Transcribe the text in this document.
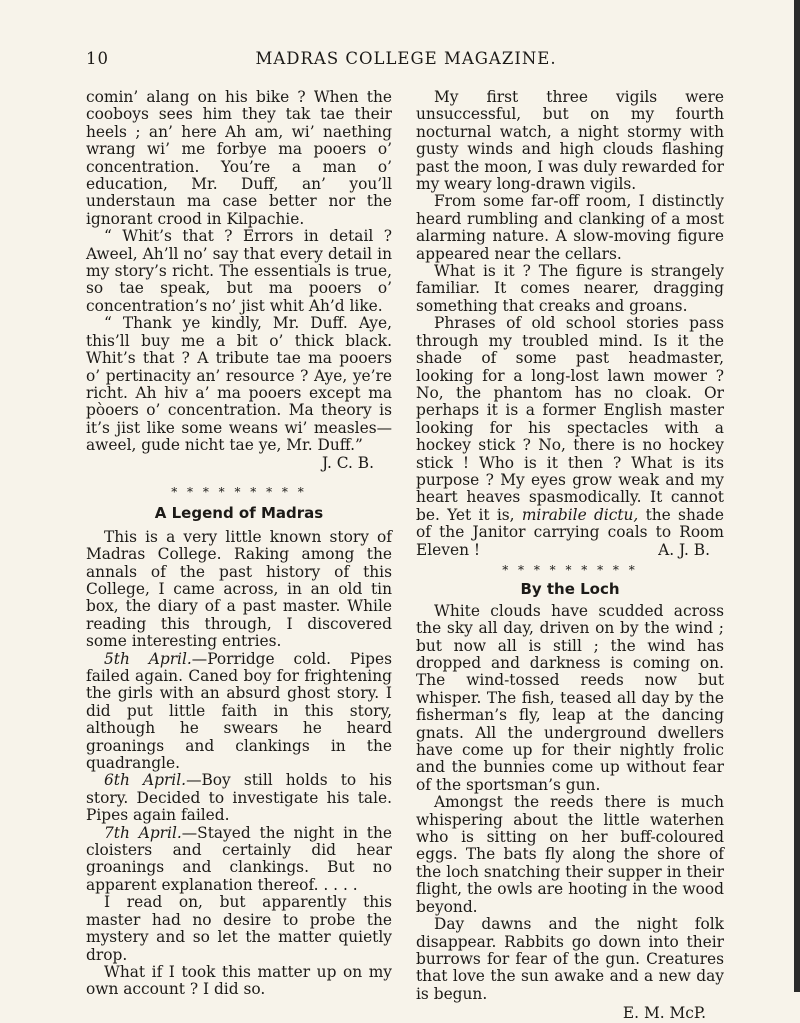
10	MADRAS COLLEGE MAGAZINE.

comin’ alang on his bike ? When the cooboys sees him they tak tae their heels ; an’ here Ah am, wi’ naething wrang wi’ me forbye ma pooers o’ concentration. You’re a man o’ education, Mr. Duff, an’ you’ll understaun ma case better nor the ignorant crood in Kilpachie.

“ Whit’s that ? Errors in detail ? Aweel, Ah’ll no’ say that every detail in my story’s richt. The essentials is true, so tae speak, but ma pooers o’ concentration’s no’ jist whit Ah’d like.

“ Thank ye kindly, Mr. Duff. Aye, this’ll buy me a bit o’ thick black. Whit’s that ? A tribute tae ma pooers o’ pertinacity an’ resource ? Aye, ye’re richt. Ah hiv a’ ma pooers except ma pòoers o’ concentration. Ma theory is it’s jist like some weans wi’ measles—aweel, gude nicht tae ye, Mr. Duff.”

J. C. B.

* * * * * * * * *
A Legend of Madras

This is a very little known story of Madras College. Raking among the annals of the past history of this College, I came across, in an old tin box, the diary of a past master. While reading this through, I discovered some interesting entries.

5th April.—Porridge cold. Pipes failed again. Caned boy for frightening the girls with an absurd ghost story. I did put little faith in this story, although he swears he heard groanings and clankings in the quadrangle.

6th April.—Boy still holds to his story. Decided to investigate his tale. Pipes again failed.

7th April.—Stayed the night in the cloisters and certainly did hear groanings and clankings. But no apparent explanation thereof. . . . .

I read on, but apparently this master had no desire to probe the mystery and so let the matter quietly drop.

What if I took this matter up on my own account ? I did so.

My first three vigils were unsuccessful, but on my fourth nocturnal watch, a night stormy with gusty winds and high clouds flashing past the moon, I was duly rewarded for my weary long-drawn vigils.

From some far-off room, I distinctly heard rumbling and clanking of a most alarming nature. A slow-moving figure appeared near the cellars.

What is it ? The figure is strangely familiar. It comes nearer, dragging something that creaks and groans.

Phrases of old school stories pass through my troubled mind. Is it the shade of some past headmaster, looking for a long-lost lawn mower ? No, the phantom has no cloak. Or perhaps it is a former English master looking for his spectacles with a hockey stick ? No, there is no hockey stick ! Who is it then ? What is its purpose ? My eyes grow weak and my heart heaves spasmodically. It cannot be. Yet it is, mirabile dictu, the shade of the Janitor carrying coals to Room Eleven !	A. J. B.

* * * * * * * * *
By the Loch

White clouds have scudded across the sky all day, driven on by the wind ; but now all is still ; the wind has dropped and darkness is coming on. The wind-tossed reeds now but whisper. The fish, teased all day by the fisherman’s fly, leap at the dancing gnats. All the underground dwellers have come up for their nightly frolic and the bunnies come up without fear of the sportsman’s gun.

Amongst the reeds there is much whispering about the little waterhen who is sitting on her buff-coloured eggs. The bats fly along the shore of the loch snatching their supper in their flight, the owls are hooting in the wood beyond.

Day dawns and the night folk disappear. Rabbits go down into their burrows for fear of the gun. Creatures that love the sun awake and a new day is begun.

E. M. McP.
